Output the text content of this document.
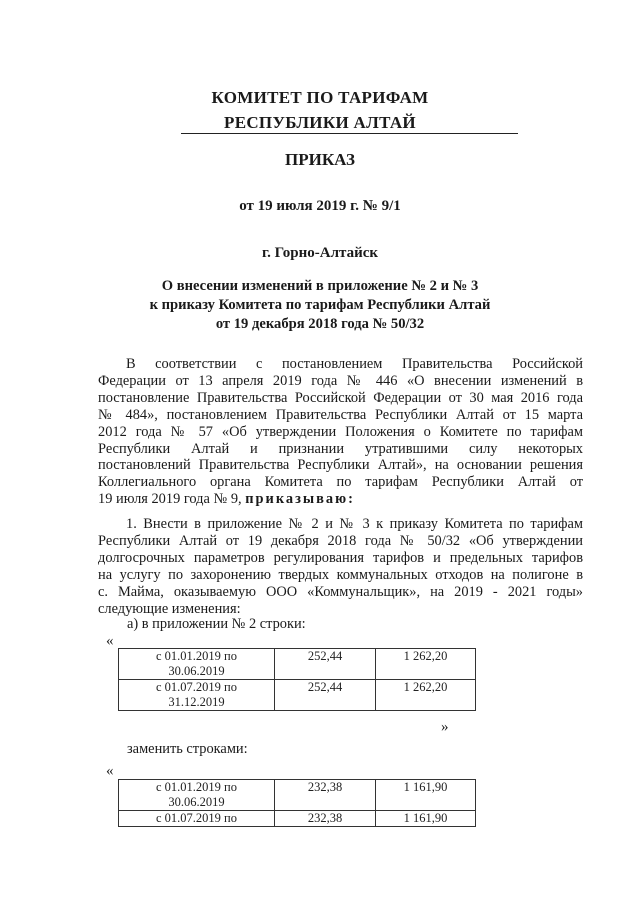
КОМИТЕТ ПО ТАРИФАМ
РЕСПУБЛИКИ АЛТАЙ
ПРИКАЗ
от 19 июля 2019 г. № 9/1
г. Горно-Алтайск
О внесении изменений в приложение № 2 и № 3
к приказу Комитета по тарифам Республики Алтай
от 19 декабря 2018 года № 50/32
В соответствии с постановлением Правительства Российской
Федерации от 13 апреля 2019 года № 446 «О внесении изменений в
постановление Правительства Российской Федерации от 30 мая 2016 года
№ 484», постановлением Правительства Республики Алтай от 15 марта
2012 года № 57 «Об утверждении Положения о Комитете по тарифам
Республики Алтай и признании утратившими силу некоторых
постановлений Правительства Республики Алтай», на основании решения
Коллегиального органа Комитета по тарифам Республики Алтай от
19 июля 2019 года № 9, приказываю:
1. Внести в приложение № 2 и № 3 к приказу Комитета по тарифам
Республики Алтай от 19 декабря 2018 года № 50/32 «Об утверждении
долгосрочных параметров регулирования тарифов и предельных тарифов
на услугу по захоронению твердых коммунальных отходов на полигоне в
с. Майма, оказываемую ООО «Коммунальщик», на 2019 - 2021 годы»
следующие изменения:
а) в приложении № 2 строки:
«
с 01.01.2019 по
30.06.2019	252,44	1 262,20

с 01.07.2019 по
31.12.2019	252,44	1 262,20
»
заменить строками:
«
с 01.01.2019 по
30.06.2019	232,38	1 161,90

с 01.07.2019 по	232,38	1 161,90
